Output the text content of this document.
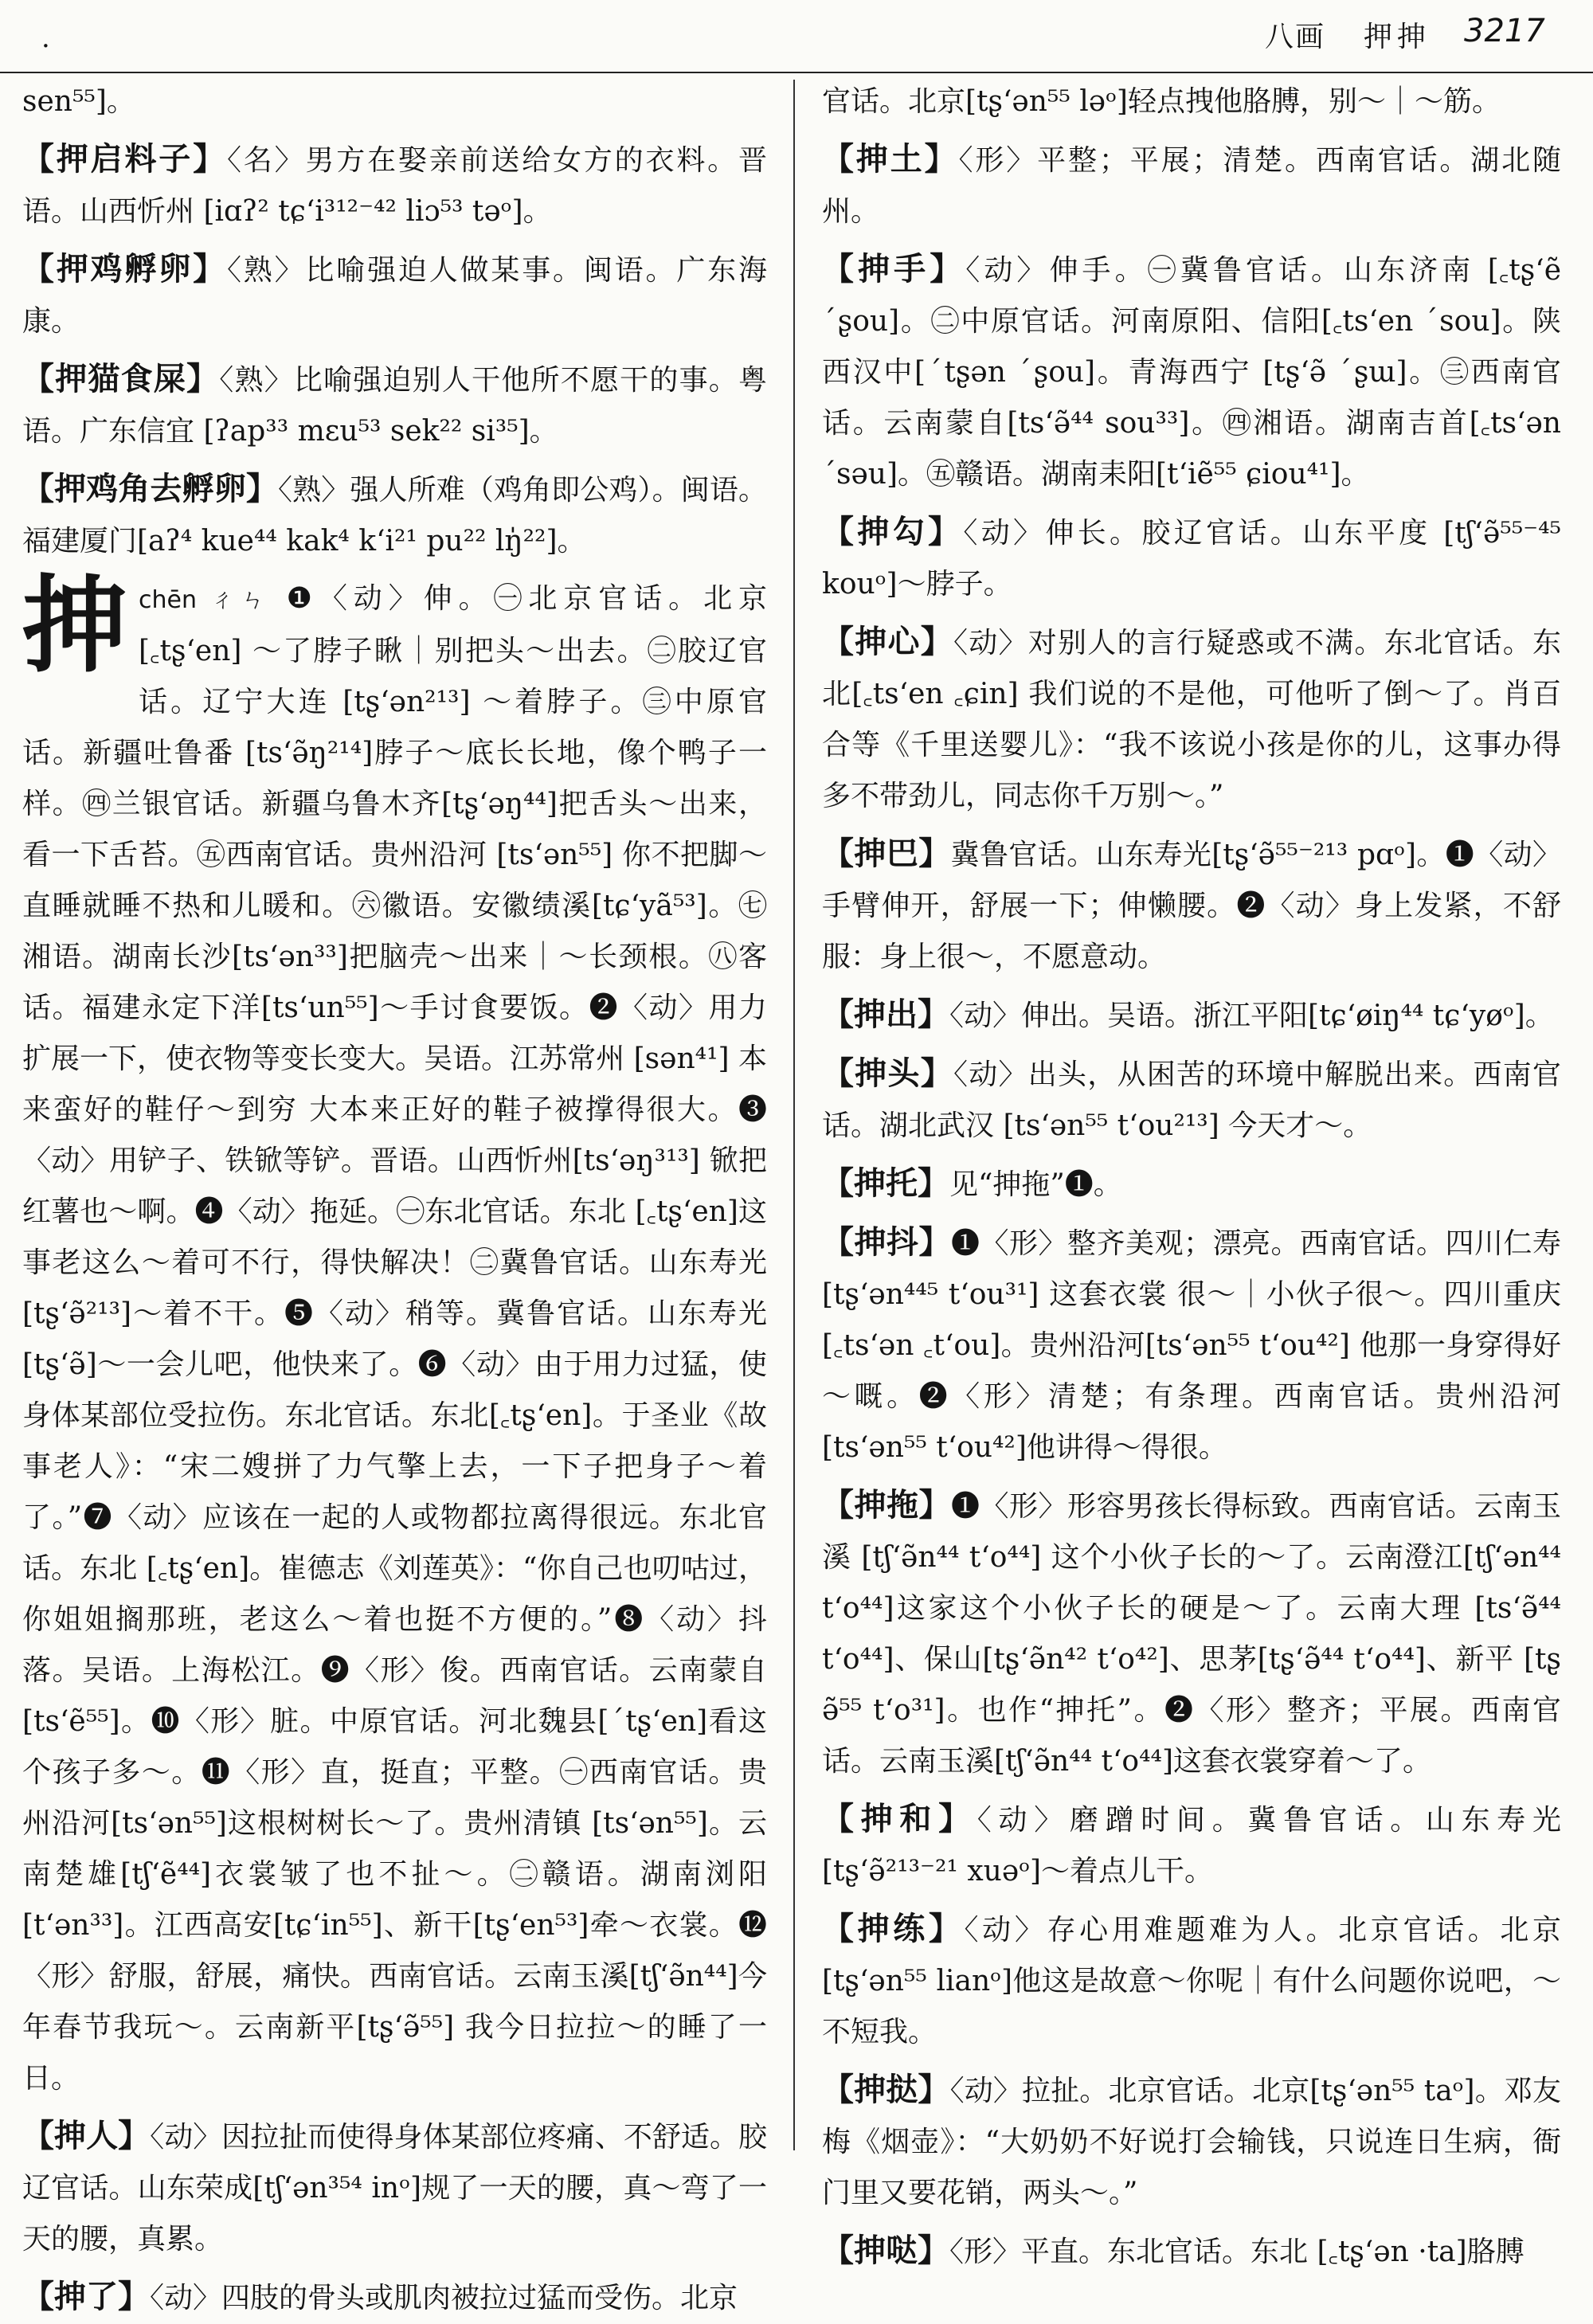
·	八画 押抻 3217

sen⁵⁵]。

【押启料子】〈名〉男方在娶亲前送给女方的衣料。晋语。山西忻州 [iɑʔ² tɕʻi³¹²⁻⁴² liɔ⁵³ təᵒ]。

【押鸡孵卵】〈熟〉比喻强迫人做某事。闽语。广东海康。

【押猫食屎】〈熟〉比喻强迫别人干他所不愿干的事。粤语。广东信宜 [ʔap³³ mɛu⁵³ sek²² si³⁵]。

【押鸡角去孵卵】〈熟〉强人所难（鸡角即公鸡）。闽语。福建厦门[aʔ⁴ kue⁴⁴ kak⁴ kʻi²¹ pu²² lŋ̍²²]。

抻 chēn ㄔㄣ ❶〈动〉伸。㊀北京官话。北京 [꜀tʂʻen] ～了脖子瞅｜别把头～出去。㊁胶辽官话。辽宁大连 [tʂʻən²¹³] ～着脖子。㊂中原官话。新疆吐鲁番 [tsʻə̃ŋ²¹⁴]脖子～底长长地，像个鸭子一样。㊃兰银官话。新疆乌鲁木齐[tʂʻəŋ⁴⁴]把舌头～出来，看一下舌苔。㊄西南官话。贵州沿河 [tsʻən⁵⁵] 你不把脚～直睡就睡不热和儿暖和。㊅徽语。安徽绩溪[tɕʻyã⁵³]。㊆湘语。湖南长沙[tsʻən³³]把脑壳～出来｜～长颈根。㊇客话。福建永定下洋[tsʻun⁵⁵]～手讨食要饭。❷〈动〉用力扩展一下，使衣物等变长变大。吴语。江苏常州 [sən⁴¹] 本来蛮好的鞋仔～到穷 大本来正好的鞋子被撑得很大。❸〈动〉用铲子、铁锨等铲。晋语。山西忻州[tsʻəŋ³¹³] 锨把红薯也～啊。❹〈动〉拖延。㊀东北官话。东北 [꜀tʂʻen]这事老这么～着可不行，得快解决！㊁冀鲁官话。山东寿光[tʂʻə̃²¹³]～着不干。❺〈动〉稍等。冀鲁官话。山东寿光[tʂʻə̃]～一会儿吧，他快来了。❻〈动〉由于用力过猛，使身体某部位受拉伤。东北官话。东北[꜀tʂʻen]。于圣业《故事老人》：“宋二嫂拼了力气擎上去，一下子把身子～着了。”❼〈动〉应该在一起的人或物都拉离得很远。东北官话。东北 [꜀tʂʻen]。崔德志《刘莲英》：“你自己也叨咕过，你姐姐搁那班，老这么～着也挺不方便的。”❽〈动〉抖落。吴语。上海松江。❾〈形〉俊。西南官话。云南蒙自[tsʻẽ⁵⁵]。❿〈形〉脏。中原官话。河北魏县[ˊtʂʻen]看这个孩子多～。⓫〈形〉直，挺直；平整。㊀西南官话。贵州沿河[tsʻən⁵⁵]这根树树长～了。贵州清镇 [tsʻən⁵⁵]。云南楚雄[tʃʻẽ⁴⁴]衣裳皱了也不扯～。㊁赣语。湖南浏阳[tʻən³³]。江西高安[tɕʻin⁵⁵]、新干[tʂʻen⁵³]牵～衣裳。⓬〈形〉舒服，舒展，痛快。西南官话。云南玉溪[tʃʻə̃n⁴⁴]今年春节我玩～。云南新平[tʂʻə̃⁵⁵] 我今日拉拉～的睡了一日。

【抻人】〈动〉因拉扯而使得身体某部位疼痛、不舒适。胶辽官话。山东荣成[tʃʻən³⁵⁴ inᵒ]规了一天的腰，真～弯了一天的腰，真累。

【抻了】〈动〉四肢的骨头或肌肉被拉过猛而受伤。北京

官话。北京[tʂʻən⁵⁵ ləᵒ]轻点拽他胳膊，别～｜～筋。

【抻土】〈形〉平整；平展；清楚。西南官话。湖北随州。

【抻手】〈动〉伸手。㊀冀鲁官话。山东济南 [꜀tʂʻẽ ˊʂou]。㊁中原官话。河南原阳、信阳[꜀tsʻen ˊsou]。陕西汉中[ˊtʂən ˊʂou]。青海西宁 [tʂʻə̃ ˊʂɯ]。㊂西南官话。云南蒙自[tsʻə̃⁴⁴ sou³³]。㊃湘语。湖南吉首[꜀tsʻən ˊsəu]。㊄赣语。湖南耒阳[tʻiẽ⁵⁵ ɕiou⁴¹]。

【抻勾】〈动〉伸长。胶辽官话。山东平度 [tʃʻə̃⁵⁵⁻⁴⁵ kouᵒ]～脖子。

【抻心】〈动〉对别人的言行疑惑或不满。东北官话。东北[꜀tsʻen ꜀ɕin] 我们说的不是他，可他听了倒～了。肖百合等《千里送婴儿》：“我不该说小孩是你的儿，这事办得多不带劲儿，同志你千万别～。”

【抻巴】冀鲁官话。山东寿光[tʂʻə̃⁵⁵⁻²¹³ pɑᵒ]。❶〈动〉手臂伸开，舒展一下；伸懒腰。❷〈动〉身上发紧，不舒服：身上很～，不愿意动。

【抻出】〈动〉伸出。吴语。浙江平阳[tɕʻøiŋ⁴⁴ tɕʻyøᵒ]。

【抻头】〈动〉出头，从困苦的环境中解脱出来。西南官话。湖北武汉 [tsʻən⁵⁵ tʻou²¹³] 今天才～。

【抻托】见“抻拖”❶。

【抻抖】❶〈形〉整齐美观；漂亮。西南官话。四川仁寿 [tʂʻən⁴⁴⁵ tʻou³¹] 这套衣裳 很～｜小伙子很～。四川重庆[꜀tsʻən ꜀tʻou]。贵州沿河[tsʻən⁵⁵ tʻou⁴²] 他那一身穿得好～嘅。❷〈形〉清楚；有条理。西南官话。贵州沿河[tsʻən⁵⁵ tʻou⁴²]他讲得～得很。

【抻拖】❶〈形〉形容男孩长得标致。西南官话。云南玉溪 [tʃʻə̃n⁴⁴ tʻo⁴⁴] 这个小伙子长的～了。云南澄江[tʃʻən⁴⁴ tʻo⁴⁴]这家这个小伙子长的硬是～了。云南大理 [tsʻə̃⁴⁴ tʻo⁴⁴]、保山[tʂʻə̃n⁴² tʻo⁴²]、思茅[tʂʻə̃⁴⁴ tʻo⁴⁴]、新平 [tʂ ə̃⁵⁵ tʻo³¹]。也作“抻托”。❷〈形〉整齐；平展。西南官话。云南玉溪[tʃʻə̃n⁴⁴ tʻo⁴⁴]这套衣裳穿着～了。

【抻和】〈动〉磨蹭时间。冀鲁官话。山东寿光 [tʂʻə̃²¹³⁻²¹ xuəᵒ]～着点儿干。

【抻练】〈动〉存心用难题难为人。北京官话。北京 [tʂʻən⁵⁵ lianᵒ]他这是故意～你呢｜有什么问题你说吧，～不短我。

【抻挞】〈动〉拉扯。北京官话。北京[tʂʻən⁵⁵ taᵒ]。邓友梅《烟壶》：“大奶奶不好说打会输钱，只说连日生病，衙门里又要花销，两头～。”

【抻哒】〈形〉平直。东北官话。东北 [꜀tʂʻən ·ta]胳膊
